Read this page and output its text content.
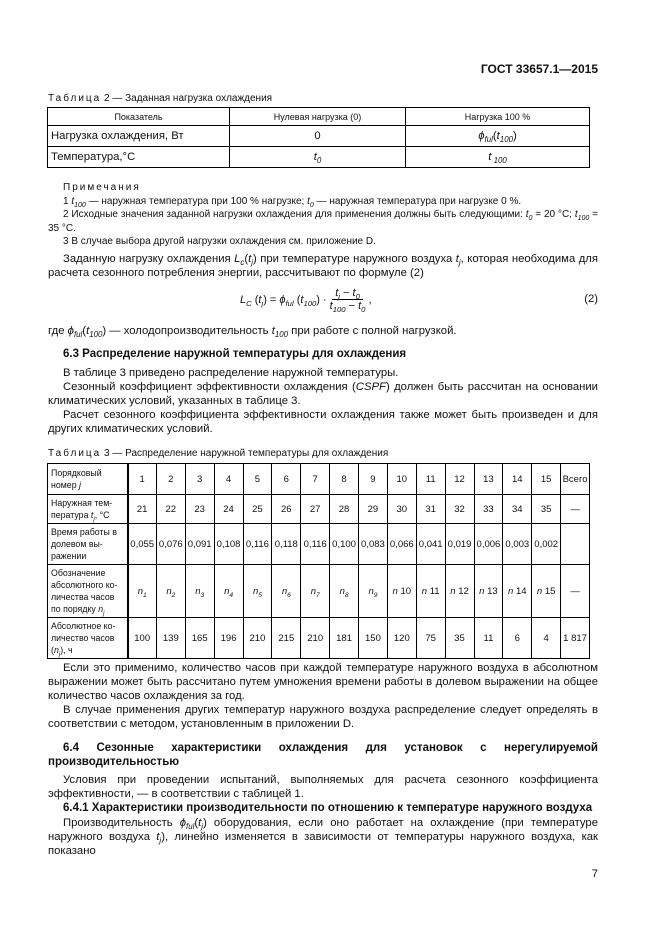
ГОСТ 33657.1—2015
Таблица 2 — Заданная нагрузка охлаждения
Показатель	Нулевая нагрузка (0)	Нагрузка 100 %
Нагрузка охлаждения, Вт	0	$\phi_{ful}(t_{100})$
Температура,°С	$t_0$	t $_{100}$
Примечания
1 $t_{100}$ — наружная температура при 100 % нагрузке; $t_0$ — наружная температура при нагрузке 0 %.
2 Исходные значения заданной нагрузки охлаждения для применения должны быть следующими: $t_0 = 20$ °С; $t_{100} = 35$ °С.
3 В случае выбора другой нагрузки охлаждения см. приложение D.
Заданную нагрузку охлаждения $L_c(t_j)$ при температуре наружного воздуха $t_j$, которая необходима для расчета сезонного потребления энергии, рассчитывают по формуле (2)
$L_C$ $(t_j) = \phi_{ful}$ $(t_{100}) \cdot \frac{t_j - t_0}{t_{100} - t_0}$ ,	(2)
где $\phi_{ful}(t_{100})$ — холодопроизводительность $t_{100}$ при работе с полной нагрузкой.
6.3 Распределение наружной температуры для охлаждения
В таблице 3 приведено распределение наружной температуры.
Сезонный коэффициент эффективности охлаждения (CSPF) должен быть рассчитан на основании климатических условий, указанных в таблице 3.
Расчет сезонного коэффициента эффективности охлаждения также может быть произведен и для других климатических условий.
Таблица 3 — Распределение наружной температуры для охлаждения
Порядковый номер j	1	2	3	4	5	6	7	8	9	10	11	12	13	14	15	Всего
Наружная тем-пература $t_j$, °С	21	22	23	24	25	26	27	28	29	30	31	32	33	34	35	—
Время работы в долевом вы-ражении	0,055	0,076	0,091	0,108	0,116	0,118	0,116	0,100	0,083	0,066	0,041	0,019	0,006	0,003	0,002	
Обозначение абсолютного ко-личества часов по порядку $n_j$	$n_1$	$n_2$	$n_3$	$n_4$	$n_5$	$n_6$	$n_7$	$n_8$	$n_9$	n 10	n 11	n 12	n 13	n 14	n 15	—
Абсолютное ко-личество часов $(n_j)$, ч	100	139	165	196	210	215	210	181	150	120	75	35	11	6	4	1 817
Если это применимо, количество часов при каждой температуре наружного воздуха в абсолютном выражении может быть рассчитано путем умножения времени работы в долевом выражении на общее количество часов охлаждения за год.
В случае применения других температур наружного воздуха распределение следует определять в соответствии с методом, установленным в приложении D.
6.4 Сезонные характеристики охлаждения для установок с нерегулируемой производительностью
Условия при проведении испытаний, выполняемых для расчета сезонного коэффициента эффективности, — в соответствии с таблицей 1.
6.4.1 Характеристики производительности по отношению к температуре наружного воздуха
Производительность $\phi_{ful}(t_j)$ оборудования, если оно работает на охлаждение (при температуре наружного воздуха $t_j$), линейно изменяется в зависимости от температуры наружного воздуха, как показано
7
